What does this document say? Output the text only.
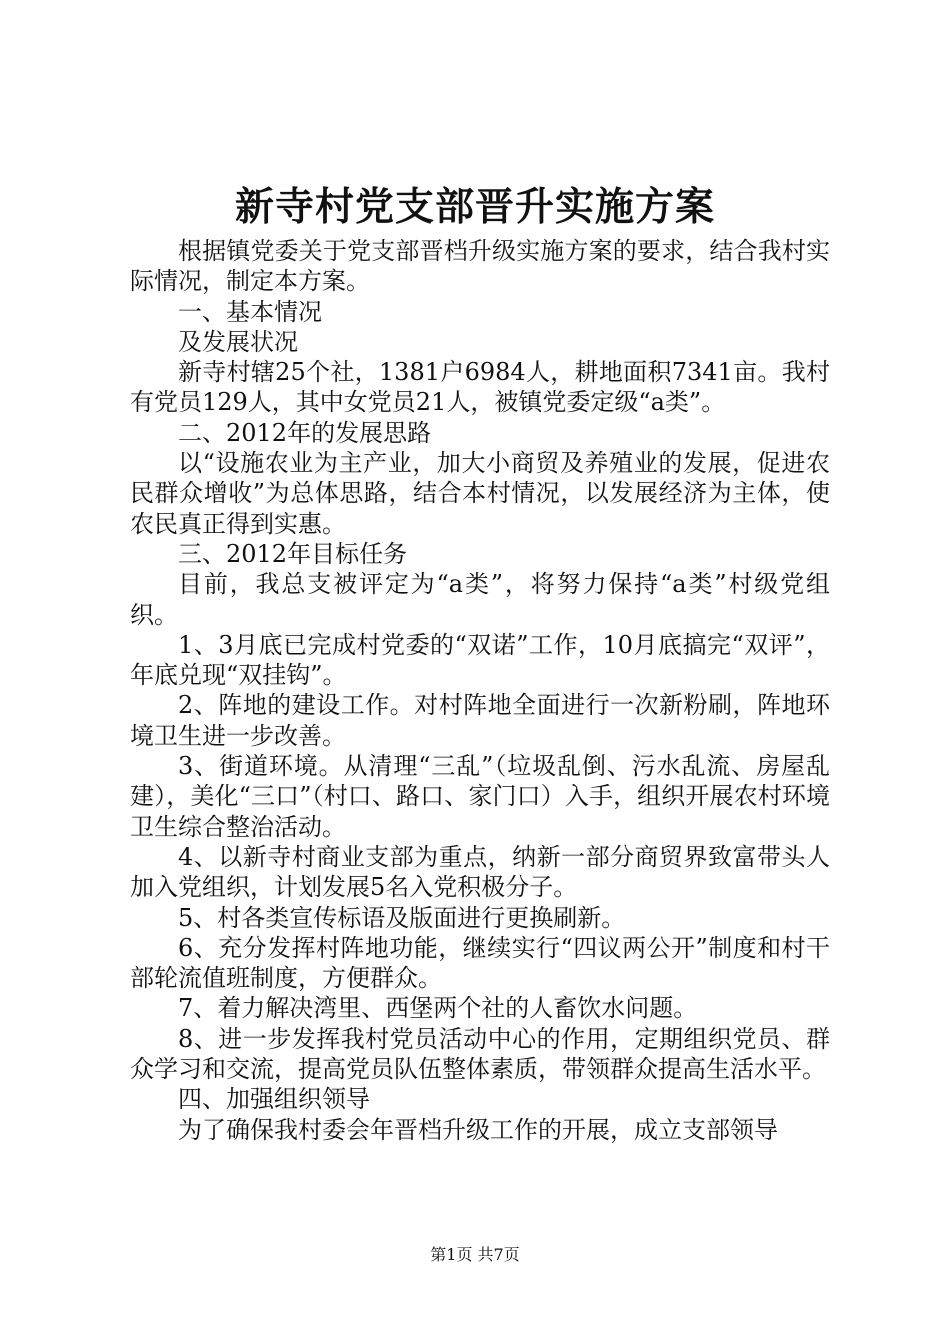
新寺村党支部晋升实施方案

根据镇党委关于党支部晋档升级实施方案的要求，结合我村实际情况，制定本方案。

一、基本情况

及发展状况

新寺村辖25个社，1381户6984人，耕地面积7341亩。我村有党员129人，其中女党员21人，被镇党委定级“a类”。

二、2012年的发展思路

以“设施农业为主产业，加大小商贸及养殖业的发展，促进农民群众增收”为总体思路，结合本村情况，以发展经济为主体，使农民真正得到实惠。

三、2012年目标任务

目前，我总支被评定为“a类”，将努力保持“a类”村级党组织。

1、3月底已完成村党委的“双诺”工作，10月底搞完“双评”，年底兑现“双挂钩”。

2、阵地的建设工作。对村阵地全面进行一次新粉刷，阵地环境卫生进一步改善。

3、街道环境。从清理“三乱”（垃圾乱倒、污水乱流、房屋乱建），美化“三口”（村口、路口、家门口）入手，组织开展农村环境卫生综合整治活动。

4、以新寺村商业支部为重点，纳新一部分商贸界致富带头人加入党组织，计划发展5名入党积极分子。

5、村各类宣传标语及版面进行更换刷新。

6、充分发挥村阵地功能，继续实行“四议两公开”制度和村干部轮流值班制度，方便群众。

7、着力解决湾里、西堡两个社的人畜饮水问题。

8、进一步发挥我村党员活动中心的作用，定期组织党员、群众学习和交流，提高党员队伍整体素质，带领群众提高生活水平。

四、加强组织领导

为了确保我村委会年晋档升级工作的开展，成立支部领导

第1页 共7页
